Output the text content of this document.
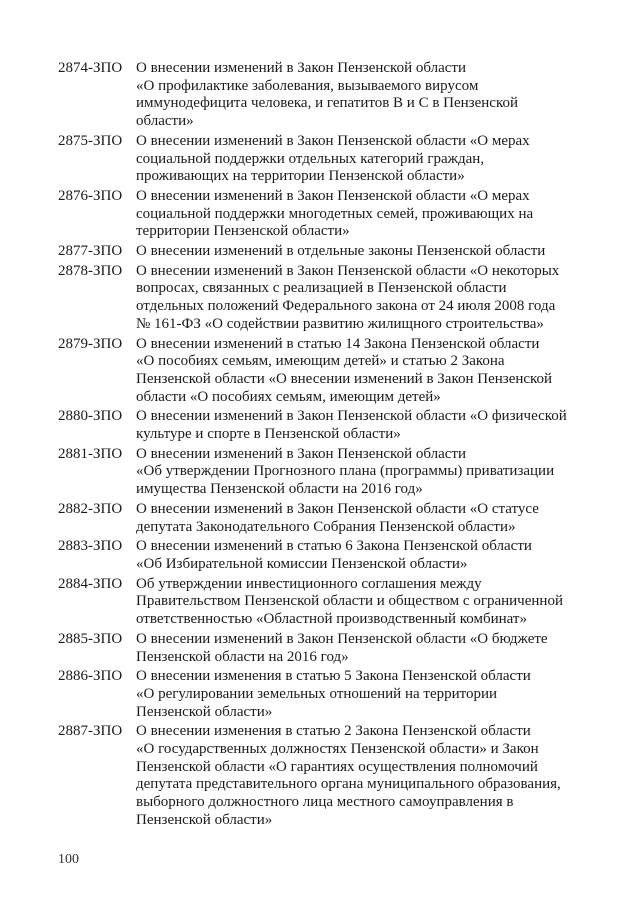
2874-ЗПО О внесении изменений в Закон Пензенской области
«О профилактике заболевания, вызываемого вирусом
иммунодефицита человека, и гепатитов В и С в Пензенской
области»
2875-ЗПО О внесении изменений в Закон Пензенской области «О мерах
социальной поддержки отдельных категорий граждан,
проживающих на территории Пензенской области»
2876-ЗПО О внесении изменений в Закон Пензенской области «О мерах
социальной поддержки многодетных семей, проживающих на
территории Пензенской области»
2877-ЗПО О внесении изменений в отдельные законы Пензенской области
2878-ЗПО О внесении изменений в Закон Пензенской области «О некоторых
вопросах, связанных с реализацией в Пензенской области
отдельных положений Федерального закона от 24 июля 2008 года
№ 161-ФЗ «О содействии развитию жилищного строительства»
2879-ЗПО О внесении изменений в статью 14 Закона Пензенской области
«О пособиях семьям, имеющим детей» и статью 2 Закона
Пензенской области «О внесении изменений в Закон Пензенской
области «О пособиях семьям, имеющим детей»
2880-ЗПО О внесении изменений в Закон Пензенской области «О физической
культуре и спорте в Пензенской области»
2881-ЗПО О внесении изменений в Закон Пензенской области
«Об утверждении Прогнозного плана (программы) приватизации
имущества Пензенской области на 2016 год»
2882-ЗПО О внесении изменений в Закон Пензенской области «О статусе
депутата Законодательного Собрания Пензенской области»
2883-ЗПО О внесении изменений в статью 6 Закона Пензенской области
«Об Избирательной комиссии Пензенской области»
2884-ЗПО Об утверждении инвестиционного соглашения между
Правительством Пензенской области и обществом с ограниченной
ответственностью «Областной производственный комбинат»
2885-ЗПО О внесении изменений в Закон Пензенской области «О бюджете
Пензенской области на 2016 год»
2886-ЗПО О внесении изменения в статью 5 Закона Пензенской области
«О регулировании земельных отношений на территории
Пензенской области»
2887-ЗПО О внесении изменения в статью 2 Закона Пензенской области
«О государственных должностях Пензенской области» и Закон
Пензенской области «О гарантиях осуществления полномочий
депутата представительного органа муниципального образования,
выборного должностного лица местного самоуправления в
Пензенской области»
100
